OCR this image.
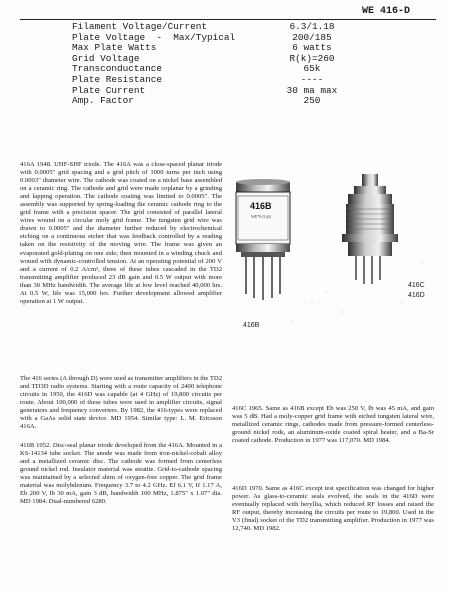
WE 416-D
Filament Voltage/Current	6.3/1.18
Plate Voltage  -  Max/Typical	200/185
Max Plate Watts	6 watts
Grid Voltage	R(k)=260
Transconductance	65k
Plate Resistance	----
Plate Current	30 ma max
Amp. Factor	250

416A 1948. UHF-SHF triode. The 416A was a close-spaced planar triode with 0.0005" grid spacing and a grid pitch of 1000 turns per inch using 0.0003" diameter wire. The cathode was coated on a nickel base assembled on a ceramic ring. The cathode and grid were made coplanar by a grinding and lapping operation. The cathode coating was limited to 0.0005". The assembly was supported by spring-loading the ceramic cathode ring to the grid frame with a precision spacer. The grid consisted of parallel lateral wires wound on a circular moly grid frame. The tungsten grid wire was drawn to 0.0005" and the diameter further reduced by electrochemical etching on a continuous etcher that was feedback controlled by a reading taken on the resistivity of the moving wire. The frame was given an evaporated gold-plating on one side; then mounted in a winding chuck and wound with dynamic-controlled tension. At an operating potential of 200 V and a current of 0.2 A/cm², three of these tubes cascaded in the TD2 transmitting amplifier produced 23 dB gain and 0.5 W output with more than 30 MHz bandwidth. The average life at low level reached 40,000 hrs. At 0.5 W, life was 15,000 hrs. Further development allowed amplifier operation at 1 W output.

The 416 series (A through D) were used as transmitter amplifiers in the TD2 and TD3D radio systems. Starting with a route capacity of 2400 telephone circuits in 1950, the 416D was capable (at 4 GHz) of 19,800 circuits per route. About 100,000 of these tubes were used in amplifier circuits, signal generators and frequency converters. By 1982, the 416-types were replaced with a GaAs solid state device. MD 1954. Similar type: L. M. Ericsson 416A.

416B 1952. Disc-seal planar triode developed from the 416A. Mounted in a KS-14134 tube socket. The anode was made from iron-nickel-cobalt alloy and a metallized ceramic disc. The cathode was formed from centerless ground nickel rod. Insulator material was steatite. Grid-to-cathode spacing was maintained by a selected shim of oxygen-free copper. The grid frame material was molybdenum. Frequency 3.7 to 4.2 GHz. Ef 6.1 V, If 1.17 A, Eb 200 V, Ib 30 mA, gain 3 dB, bandwidth 100 MHz, 1.875" x 1.07" dia. MD 1984. Dual-numbered 6280.

416C 1965. Same as 416B except Eb was 250 V, Ib was 45 mA, and gain was 5 dB. Had a moly-copper grid frame with etched tungsten lateral wire, metallized ceramic rings, cathodes made from pressure-formed centerless-ground nickel rods, an aluminum-oxide coated spiral heater, and a Ba-Sr coated cathode. Production in 1977 was 117,070. MD 1984.

416D 1970. Same as 416C except test specification was changed for higher power. As glass-to-ceramic seals evolved, the seals in the 416D were eventually replaced with beryllia, which reduced RF losses and raised the RF output, thereby increasing the circuits per route to 19,800. Used in the V3 (final) socket of the TD2 transmitting amplifier. Production in 1977 was 12,740. MD 1982.

416B
WE*6 (L@)
416B
416C
416D
